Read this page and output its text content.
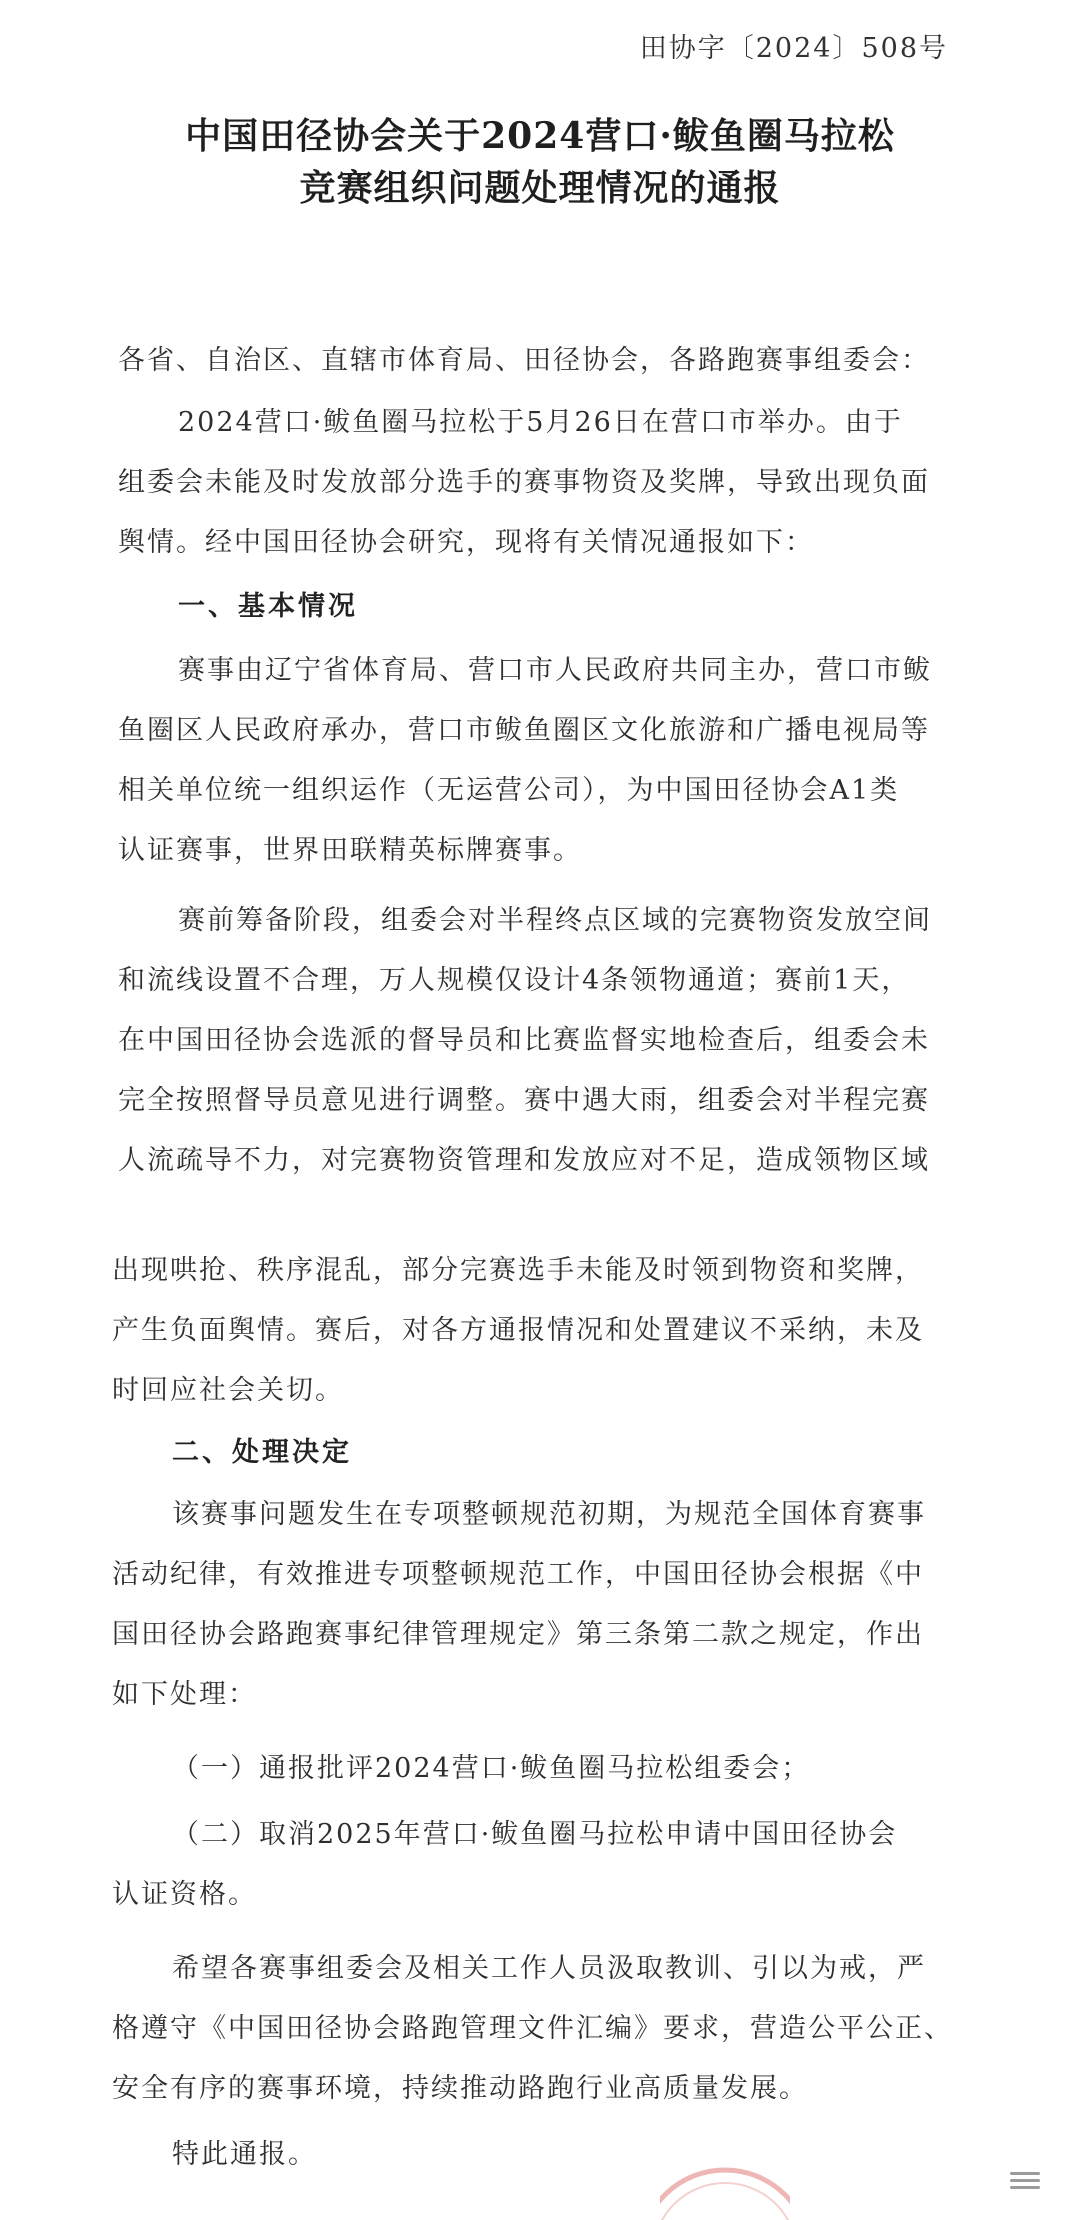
田协字〔2024〕508号
中国田径协会关于2024营口·鲅鱼圈马拉松
竞赛组织问题处理情况的通报
各省、自治区、直辖市体育局、田径协会，各路跑赛事组委会：
2024营口·鲅鱼圈马拉松于5月26日在营口市举办。由于
组委会未能及时发放部分选手的赛事物资及奖牌，导致出现负面
舆情。经中国田径协会研究，现将有关情况通报如下：
一、基本情况
赛事由辽宁省体育局、营口市人民政府共同主办，营口市鲅
鱼圈区人民政府承办，营口市鲅鱼圈区文化旅游和广播电视局等
相关单位统一组织运作（无运营公司），为中国田径协会A1类
认证赛事，世界田联精英标牌赛事。
赛前筹备阶段，组委会对半程终点区域的完赛物资发放空间
和流线设置不合理，万人规模仅设计4条领物通道；赛前1天，
在中国田径协会选派的督导员和比赛监督实地检查后，组委会未
完全按照督导员意见进行调整。赛中遇大雨，组委会对半程完赛
人流疏导不力，对完赛物资管理和发放应对不足，造成领物区域
出现哄抢、秩序混乱，部分完赛选手未能及时领到物资和奖牌，
产生负面舆情。赛后，对各方通报情况和处置建议不采纳，未及
时回应社会关切。
二、处理决定
该赛事问题发生在专项整顿规范初期，为规范全国体育赛事
活动纪律，有效推进专项整顿规范工作，中国田径协会根据《中
国田径协会路跑赛事纪律管理规定》第三条第二款之规定，作出
如下处理：
（一）通报批评2024营口·鲅鱼圈马拉松组委会；
（二）取消2025年营口·鲅鱼圈马拉松申请中国田径协会
认证资格。
希望各赛事组委会及相关工作人员汲取教训、引以为戒，严
格遵守《中国田径协会路跑管理文件汇编》要求，营造公平公正、
安全有序的赛事环境，持续推动路跑行业高质量发展。
特此通报。
